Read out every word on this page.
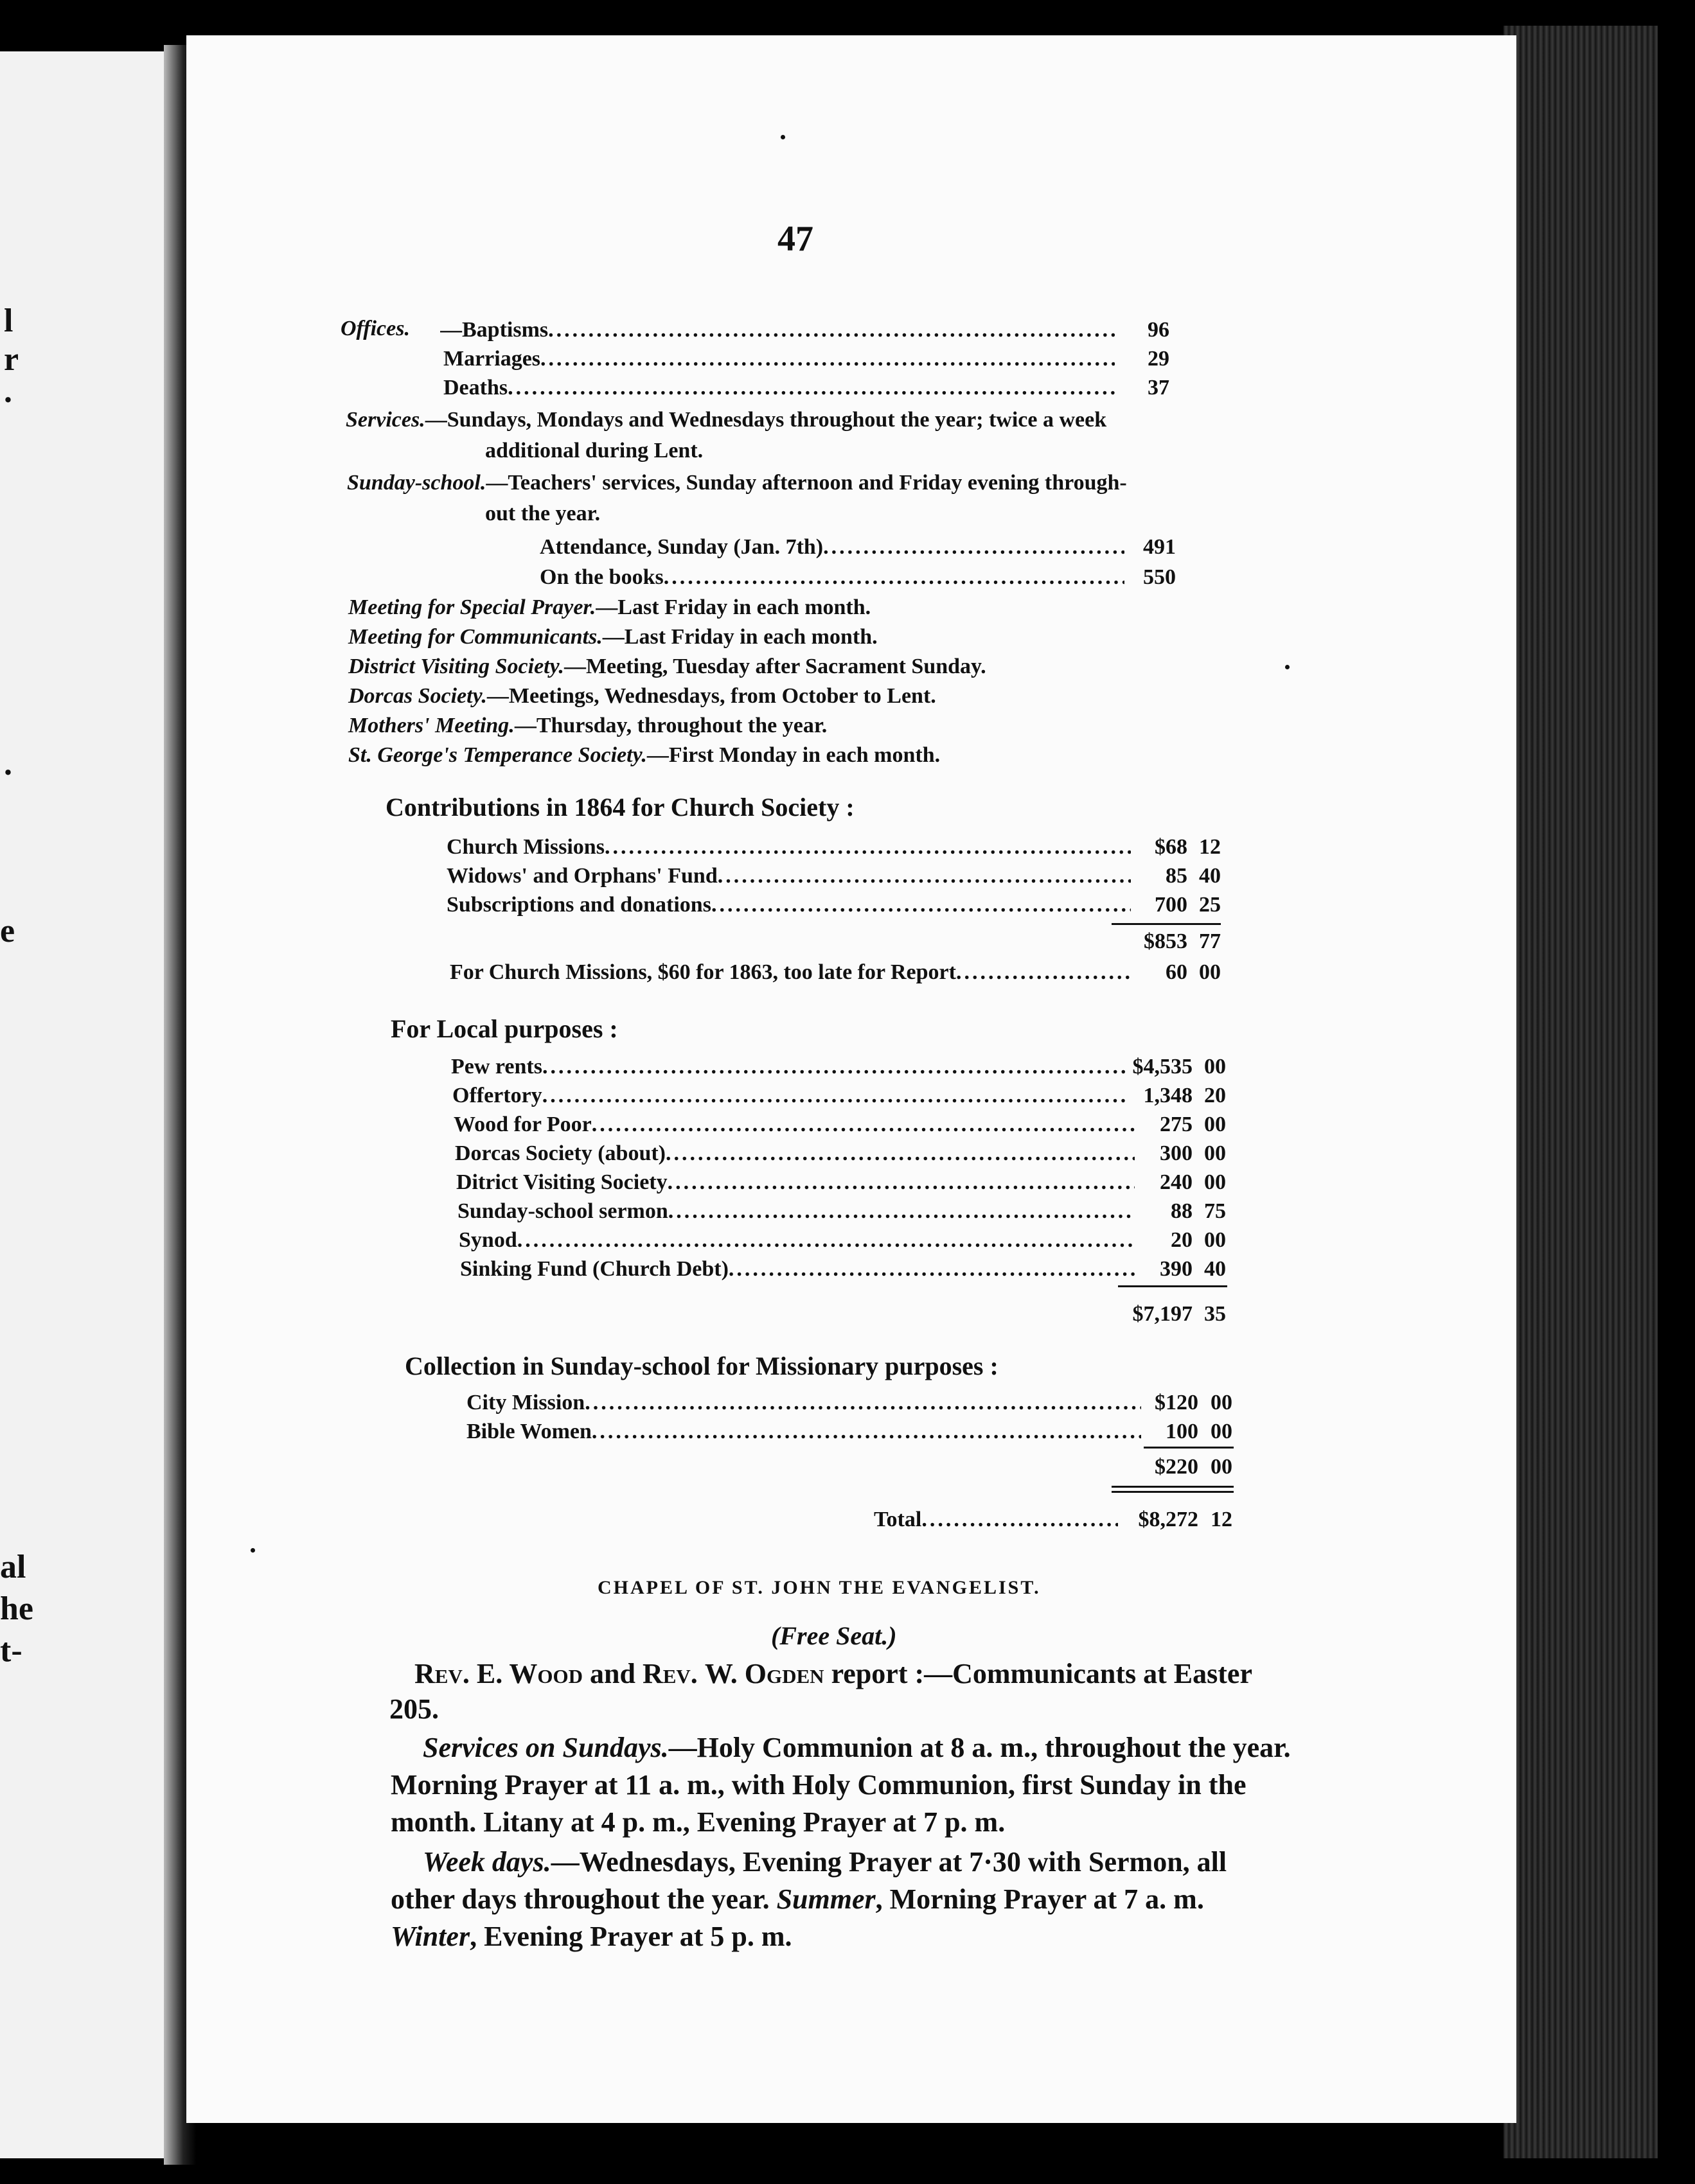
l
r
.
.
e
al
he
t-
47
Offices. —Baptisms .....	96
Marriages .....	29
Deaths .....	37
Services.—Sundays, Mondays and Wednesdays throughout the year; twice a week
additional during Lent.
Sunday-school.—Teachers' services, Sunday afternoon and Friday evening through-
out the year.
Attendance, Sunday (Jan. 7th) .....	491
On the books .....	550
Meeting for Special Prayer.—Last Friday in each month.
Meeting for Communicants.—Last Friday in each month.
District Visiting Society.—Meeting, Tuesday after Sacrament Sunday.
Dorcas Society.—Meetings, Wednesdays, from October to Lent.
Mothers' Meeting.—Thursday, throughout the year.
St. George's Temperance Society.—First Monday in each month.
Contributions in 1864 for Church Society :
Church Missions .....	$68 12
Widows' and Orphans' Fund .....	85 40
Subscriptions and donations .....	700 25
$853 77
For Church Missions, $60 for 1863, too late for Report .....	60 00
For Local purposes :
Pew rents .....	$4,535 00
Offertory .....	1,348 20
Wood for Poor .....	275 00
Dorcas Society (about) .....	300 00
Ditrict Visiting Society .....	240 00
Sunday-school sermon .....	88 75
Synod .....	20 00
Sinking Fund (Church Debt) .....	390 40
$7,197 35
Collection in Sunday-school for Missionary purposes :
City Mission .....	$120 00
Bible Women .....	100 00
$220 00
Total .....	$8,272 12
CHAPEL OF ST. JOHN THE EVANGELIST.
(Free Seat.)
Rev. E. Wood and Rev. W. Ogden report :—Communicants at Easter
205.
Services on Sundays.—Holy Communion at 8 a. m., throughout the year.
Morning Prayer at 11 a. m., with Holy Communion, first Sunday in the
month. Litany at 4 p. m., Evening Prayer at 7 p. m.
Week days.—Wednesdays, Evening Prayer at 7·30 with Sermon, all
other days throughout the year. Summer, Morning Prayer at 7 a. m.
Winter, Evening Prayer at 5 p. m.
